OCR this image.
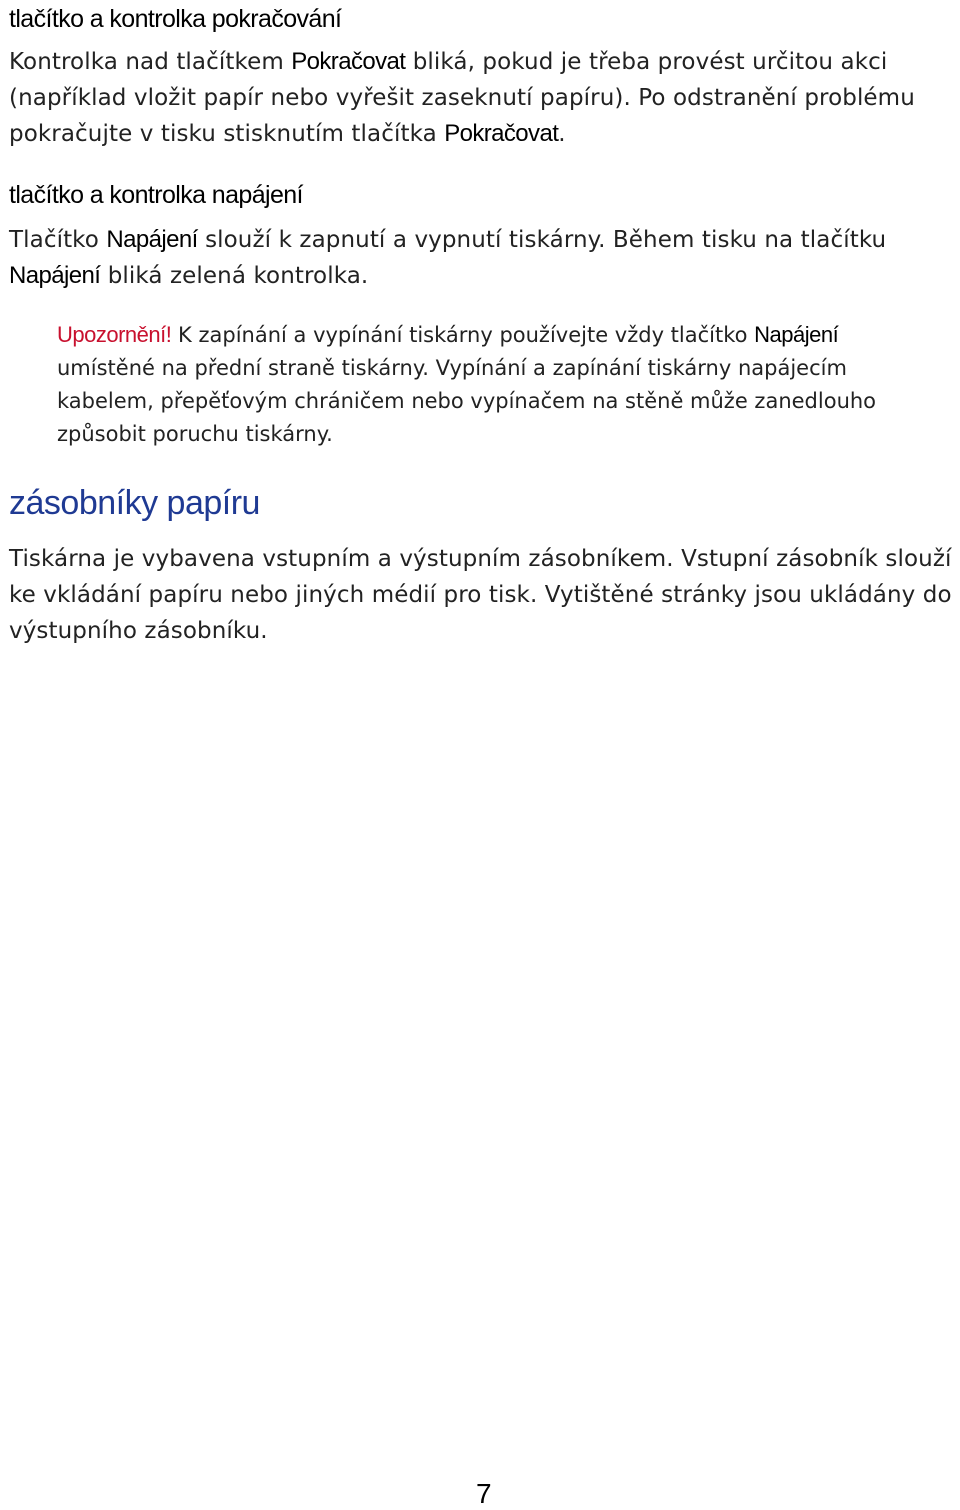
tlačítko a kontrolka pokračování

Kontrolka nad tlačítkem Pokračovat bliká, pokud je třeba provést určitou akci (například vložit papír nebo vyřešit zaseknutí papíru). Po odstranění problému pokračujte v tisku stisknutím tlačítka Pokračovat.

tlačítko a kontrolka napájení

Tlačítko Napájení slouží k zapnutí a vypnutí tiskárny. Během tisku na tlačítku Napájení bliká zelená kontrolka.

Upozornění! K zapínání a vypínání tiskárny používejte vždy tlačítko Napájení umístěné na přední straně tiskárny. Vypínání a zapínání tiskárny napájecím kabelem, přepěťovým chráničem nebo vypínačem na stěně může zanedlouho způsobit poruchu tiskárny.

zásobníky papíru

Tiskárna je vybavena vstupním a výstupním zásobníkem. Vstupní zásobník slouží ke vkládání papíru nebo jiných médií pro tisk. Vytištěné stránky jsou ukládány do výstupního zásobníku.

7
